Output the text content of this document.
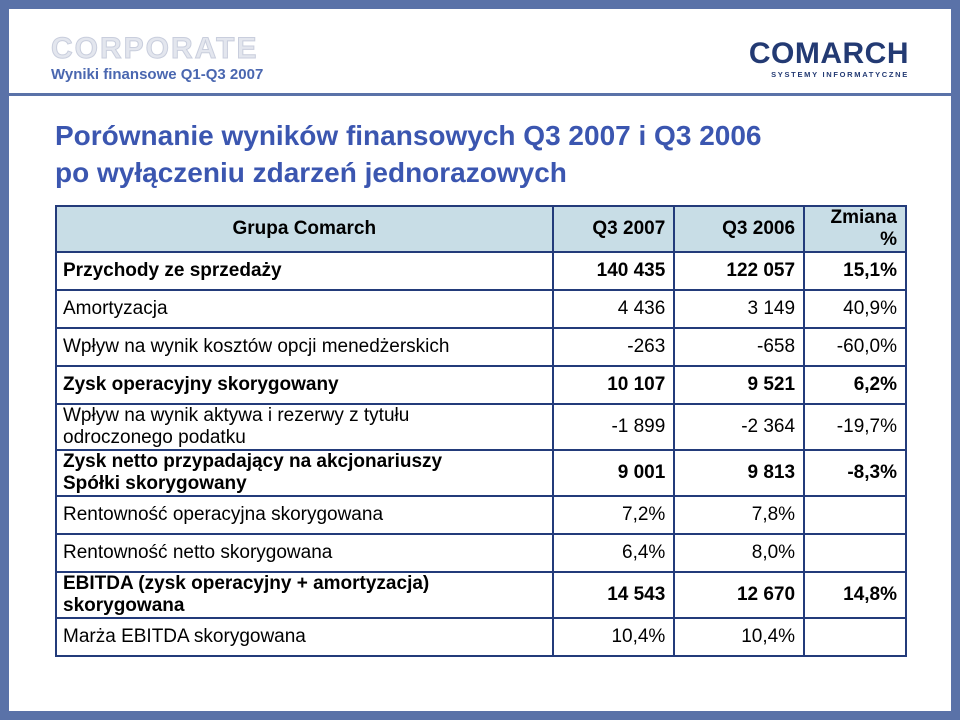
CORPORATE
Wyniki finansowe Q1-Q3 2007
COMARCH
SYSTEMY INFORMATYCZNE
Porównanie wyników finansowych Q3 2007 i Q3 2006
po wyłączeniu zdarzeń jednorazowych
Grupa Comarch	Q3 2007	Q3 2006	Zmiana %
Przychody ze sprzedaży	140 435	122 057	15,1%
Amortyzacja	4 436	3 149	40,9%
Wpływ na wynik kosztów opcji menedżerskich	-263	-658	-60,0%
Zysk operacyjny skorygowany	10 107	9 521	6,2%

Wpływ na wynik aktywa i rezerwy z tytułu
odroczonego podatku	-1 899	-2 364	-19,7%

Zysk netto przypadający na akcjonariuszy
Spółki skorygowany	9 001	9 813	-8,3%
Rentowność operacyjna skorygowana	7,2%	7,8%	
Rentowność netto skorygowana	6,4%	8,0%	

EBITDA (zysk operacyjny + amortyzacja)
skorygowana	14 543	12 670	14,8%
Marża EBITDA skorygowana	10,4%	10,4%	
